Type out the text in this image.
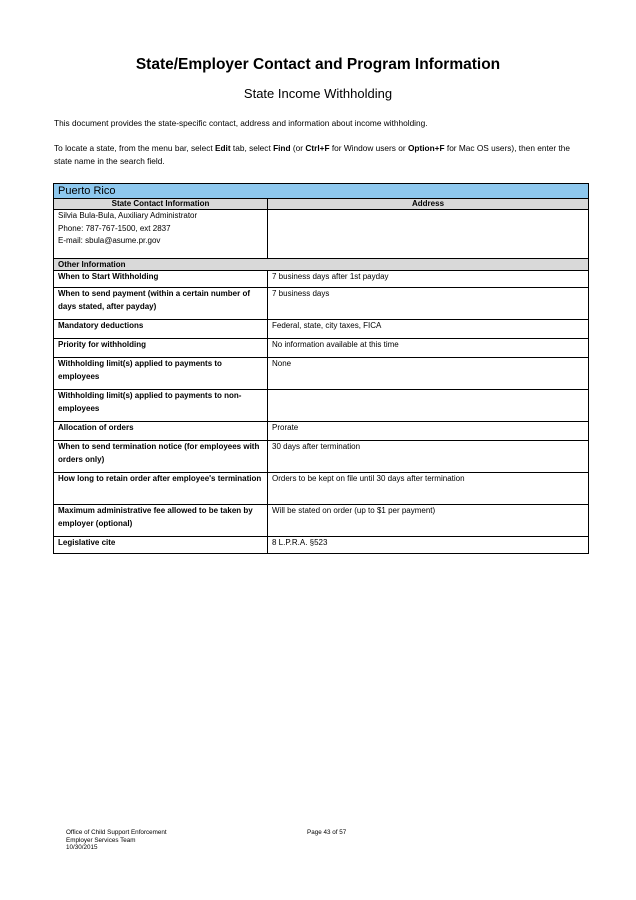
State/Employer Contact and Program Information
State Income Withholding
This document provides the state-specific contact, address and information about income withholding.
To locate a state, from the menu bar, select Edit tab, select Find (or Ctrl+F for Window users or Option+F for Mac OS users), then enter the state name in the search field.
Puerto Rico	
State Contact Information	Address

Silvia Bula-Bula, Auxiliary Administrator
Phone: 787-767-1500, ext 2837
E-mail: sbula@asume.pr.gov	

Other Information	
When to Start Withholding	7 business days after 1st payday
When to send payment (within a certain number of days stated, after payday)	7 business days
Mandatory deductions	Federal, state, city taxes, FICA
Priority for withholding	No information available at this time
Withholding limit(s) applied to payments to employees	None
Withholding limit(s) applied to payments to non-employees	
Allocation of orders	Prorate
When to send termination notice (for employees with orders only)	30 days after termination
How long to retain order after employee's termination	Orders to be kept on file until 30 days after termination
Maximum administrative fee allowed to be taken by employer (optional)	Will be stated on order (up to $1 per payment)
Legislative cite	8 L.P.R.A. §523
Office of Child Support Enforcement
Employer Services Team
10/30/2015
Page 43 of 57
